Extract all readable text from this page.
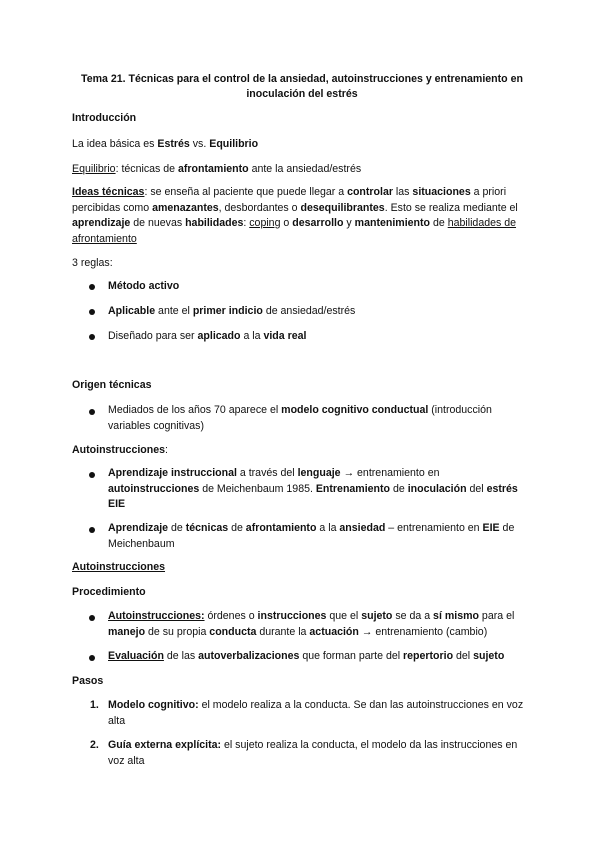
Tema 21. Técnicas para el control de la ansiedad, autoinstrucciones y entrenamiento en inoculación del estrés
Introducción
La idea básica es Estrés vs. Equilibrio
Equilibrio: técnicas de afrontamiento ante la ansiedad/estrés
Ideas técnicas: se enseña al paciente que puede llegar a controlar las situaciones a priori percibidas como amenazantes, desbordantes o desequilibrantes. Esto se realiza mediante el aprendizaje de nuevas habilidades: coping o desarrollo y mantenimiento de habilidades de afrontamiento
3 reglas:
Método activo
Aplicable ante el primer indicio de ansiedad/estrés
Diseñado para ser aplicado a la vida real
Origen técnicas
Mediados de los años 70 aparece el modelo cognitivo conductual (introducción variables cognitivas)
Autoinstrucciones:
Aprendizaje instruccional a través del lenguaje → entrenamiento en autoinstrucciones de Meichenbaum 1985. Entrenamiento de inoculación del estrés EIE
Aprendizaje de técnicas de afrontamiento a la ansiedad – entrenamiento en EIE de Meichenbaum
Autoinstrucciones
Procedimiento
Autoinstrucciones: órdenes o instrucciones que el sujeto se da a sí mismo para el manejo de su propia conducta durante la actuación → entrenamiento (cambio)
Evaluación de las autoverbalizaciones que forman parte del repertorio del sujeto
Pasos
1. Modelo cognitivo: el modelo realiza a la conducta. Se dan las autoinstrucciones en voz alta
2. Guía externa explícita: el sujeto realiza la conducta, el modelo da las instrucciones en voz alta
